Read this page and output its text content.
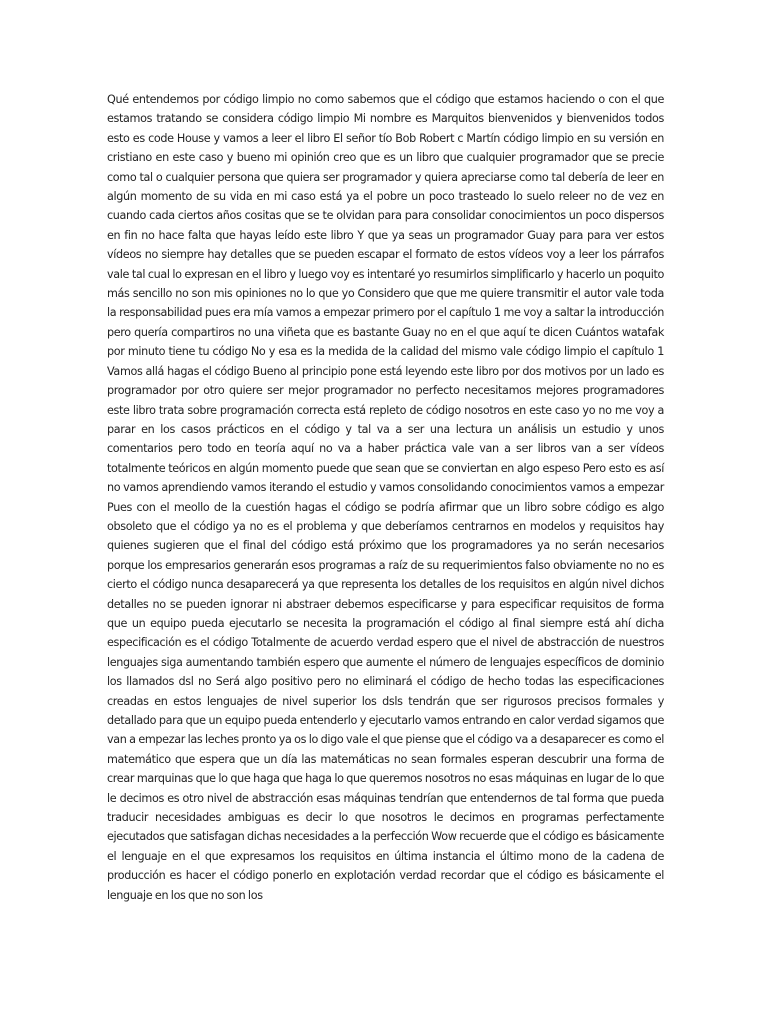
Qué entendemos por código limpio no como sabemos que el código que estamos haciendo o con el que estamos tratando se considera código limpio Mi nombre es Marquitos bienvenidos y bienvenidos todos esto es code House y vamos a leer el libro El señor tío Bob Robert c Martín código limpio en su versión en cristiano en este caso y bueno mi opinión creo que es un libro que cualquier programador que se precie como tal o cualquier persona que quiera ser programador y quiera apreciarse como tal debería de leer en algún momento de su vida en mi caso está ya el pobre un poco trasteado lo suelo releer no de vez en cuando cada ciertos años cositas que se te olvidan para para consolidar conocimientos un poco dispersos en fin no hace falta que hayas leído este libro Y que ya seas un programador Guay para para ver estos vídeos no siempre hay detalles que se pueden escapar el formato de estos vídeos voy a leer los párrafos vale tal cual lo expresan en el libro y luego voy es intentaré yo resumirlos simplificarlo y hacerlo un poquito más sencillo no son mis opiniones no lo que yo Considero que que me quiere transmitir el autor vale toda la responsabilidad pues era mía vamos a empezar primero por el capítulo 1 me voy a saltar la introducción pero quería compartiros no una viñeta que es bastante Guay no en el que aquí te dicen Cuántos watafak por minuto tiene tu código No y esa es la medida de la calidad del mismo vale código limpio el capítulo 1 Vamos allá hagas el código Bueno al principio pone está leyendo este libro por dos motivos por un lado es programador por otro quiere ser mejor programador no perfecto necesitamos mejores programadores este libro trata sobre programación correcta está repleto de código nosotros en este caso yo no me voy a parar en los casos prácticos en el código y tal va a ser una lectura un análisis un estudio y unos comentarios pero todo en teoría aquí no va a haber práctica vale van a ser libros van a ser vídeos totalmente teóricos en algún momento puede que sean que se conviertan en algo espeso Pero esto es así no vamos aprendiendo vamos iterando el estudio y vamos consolidando conocimientos vamos a empezar Pues con el meollo de la cuestión hagas el código se podría afirmar que un libro sobre código es algo obsoleto que el código ya no es el problema y que deberíamos centrarnos en modelos y requisitos hay quienes sugieren que el final del código está próximo que los programadores ya no serán necesarios porque los empresarios generarán esos programas a raíz de su requerimientos falso obviamente no no es cierto el código nunca desaparecerá ya que representa los detalles de los requisitos en algún nivel dichos detalles no se pueden ignorar ni abstraer debemos especificarse y para especificar requisitos de forma que un equipo pueda ejecutarlo se necesita la programación el código al final siempre está ahí dicha especificación es el código Totalmente de acuerdo verdad espero que el nivel de abstracción de nuestros lenguajes siga aumentando también espero que aumente el número de lenguajes específicos de dominio los llamados dsl no Será algo positivo pero no eliminará el código de hecho todas las especificaciones creadas en estos lenguajes de nivel superior los dsls tendrán que ser rigurosos precisos formales y detallado para que un equipo pueda entenderlo y ejecutarlo vamos entrando en calor verdad sigamos que van a empezar las leches pronto ya os lo digo vale el que piense que el código va a desaparecer es como el matemático que espera que un día las matemáticas no sean formales esperan descubrir una forma de crear marquinas que lo que haga que haga lo que queremos nosotros no esas máquinas en lugar de lo que le decimos es otro nivel de abstracción esas máquinas tendrían que entendernos de tal forma que pueda traducir necesidades ambiguas es decir lo que nosotros le decimos en programas perfectamente ejecutados que satisfagan dichas necesidades a la perfección Wow recuerde que el código es básicamente el lenguaje en el que expresamos los requisitos en última instancia el último mono de la cadena de producción es hacer el código ponerlo en explotación verdad recordar que el código es básicamente el lenguaje en los que no son los
